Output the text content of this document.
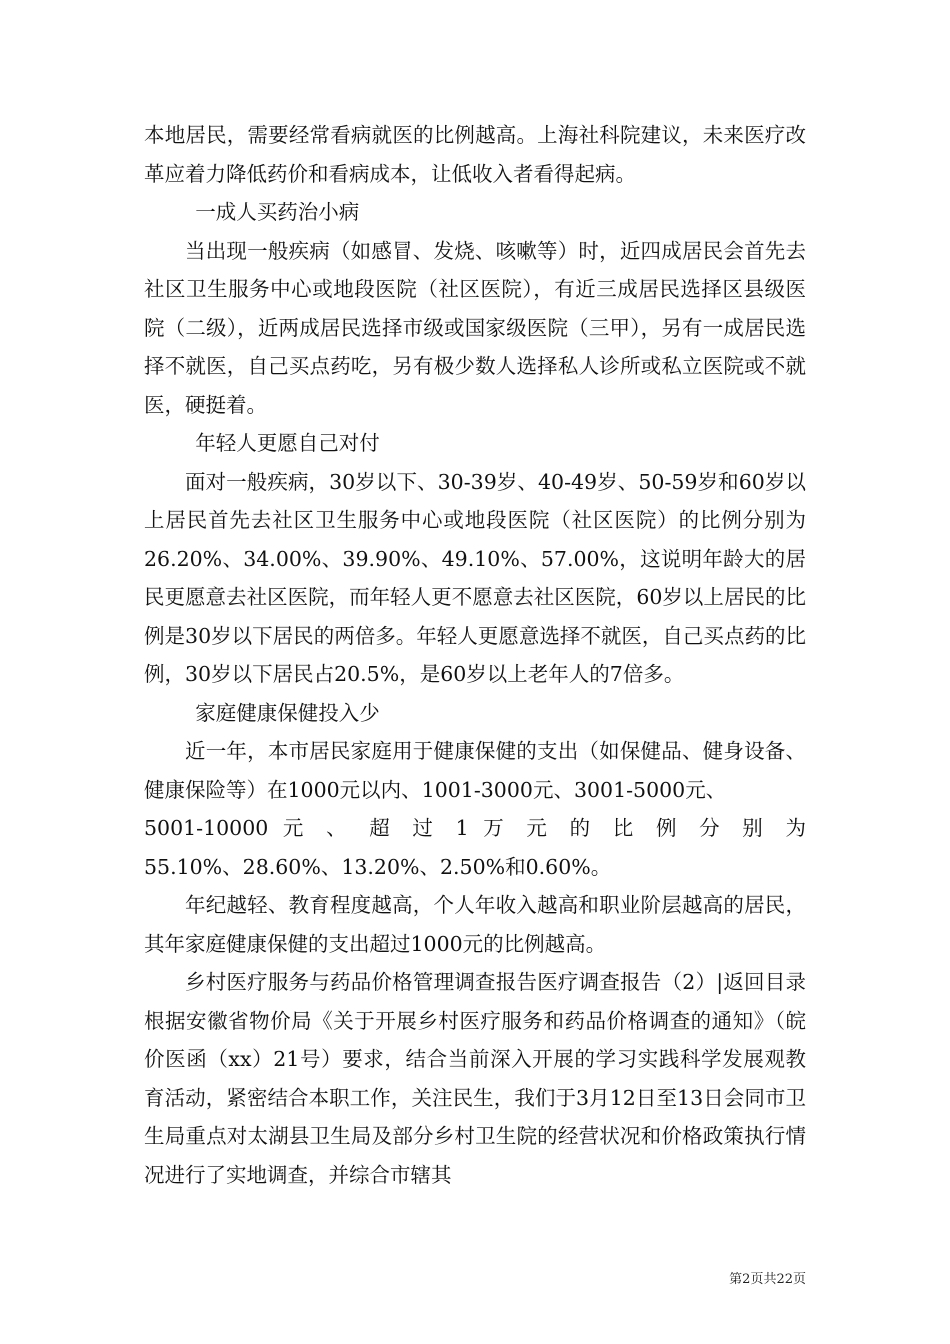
本地居民，需要经常看病就医的比例越高。上海社科院建议，未来医疗改革应着力降低药价和看病成本，让低收入者看得起病。

一成人买药治小病

当出现一般疾病（如感冒、发烧、咳嗽等）时，近四成居民会首先去社区卫生服务中心或地段医院（社区医院），有近三成居民选择区县级医院（二级），近两成居民选择市级或国家级医院（三甲），另有一成居民选择不就医，自己买点药吃，另有极少数人选择私人诊所或私立医院或不就医，硬挺着。

年轻人更愿自己对付

面对一般疾病，30岁以下、30-39岁、40-49岁、50-59岁和60岁以上居民首先去社区卫生服务中心或地段医院（社区医院）的比例分别为26.20%、34.00%、39.90%、49.10%、57.00%，这说明年龄大的居民更愿意去社区医院，而年轻人更不愿意去社区医院，60岁以上居民的比例是30岁以下居民的两倍多。年轻人更愿意选择不就医，自己买点药的比例，30岁以下居民占20.5%，是60岁以上老年人的7倍多。

家庭健康保健投入少

近一年，本市居民家庭用于健康保健的支出（如保健品、健身设备、健康保险等）在1000元以内、1001-3000元、3001-5000元、

5001-10000 元 、 超 过 1 万 元 的 比 例 分 别 为

55.10%、28.60%、13.20%、2.50%和0.60%。

年纪越轻、教育程度越高，个人年收入越高和职业阶层越高的居民，其年家庭健康保健的支出超过1000元的比例越高。

乡村医疗服务与药品价格管理调查报告医疗调查报告（2）|返回目录根据安徽省物价局《关于开展乡村医疗服务和药品价格调查的通知》（皖价医函（xx）21号）要求，结合当前深入开展的学习实践科学发展观教育活动，紧密结合本职工作，关注民生，我们于3月12日至13日会同市卫生局重点对太湖县卫生局及部分乡村卫生院的经营状况和价格政策执行情况进行了实地调查，并综合市辖其

第2页共22页
